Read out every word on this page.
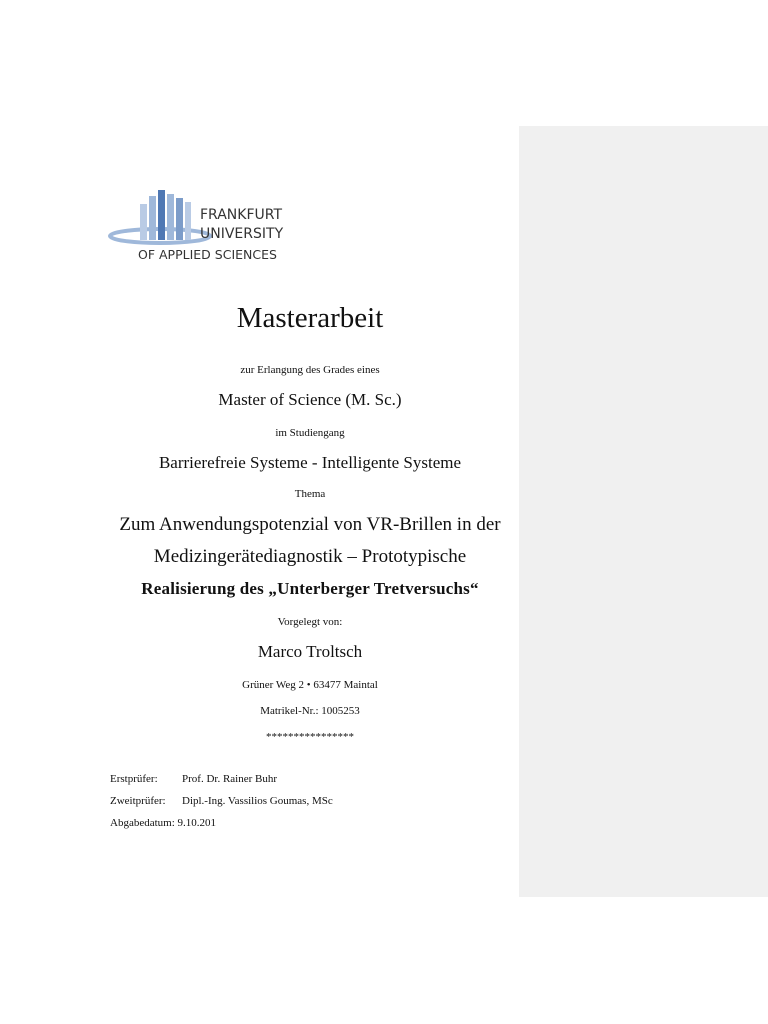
FRANKFURT
UNIVERSITY
OF APPLIED SCIENCES
Masterarbeit
zur Erlangung des Grades eines
Master of Science (M. Sc.)
im Studiengang
Barrierefreie Systeme - Intelligente Systeme
Thema
Zum Anwendungspotenzial von VR-Brillen in der
Medizingerätediagnostik – Prototypische
Realisierung des „Unterberger Tretversuchs“
Vorgelegt von:
Marco Troltsch
Grüner Weg 2 • 63477 Maintal
Matrikel-Nr.: 1005253
****************
Erstprüfer: Prof. Dr. Rainer Buhr
Zweitprüfer: Dipl.-Ing. Vassilios Goumas, MSc
Abgabedatum: 9.10.201
